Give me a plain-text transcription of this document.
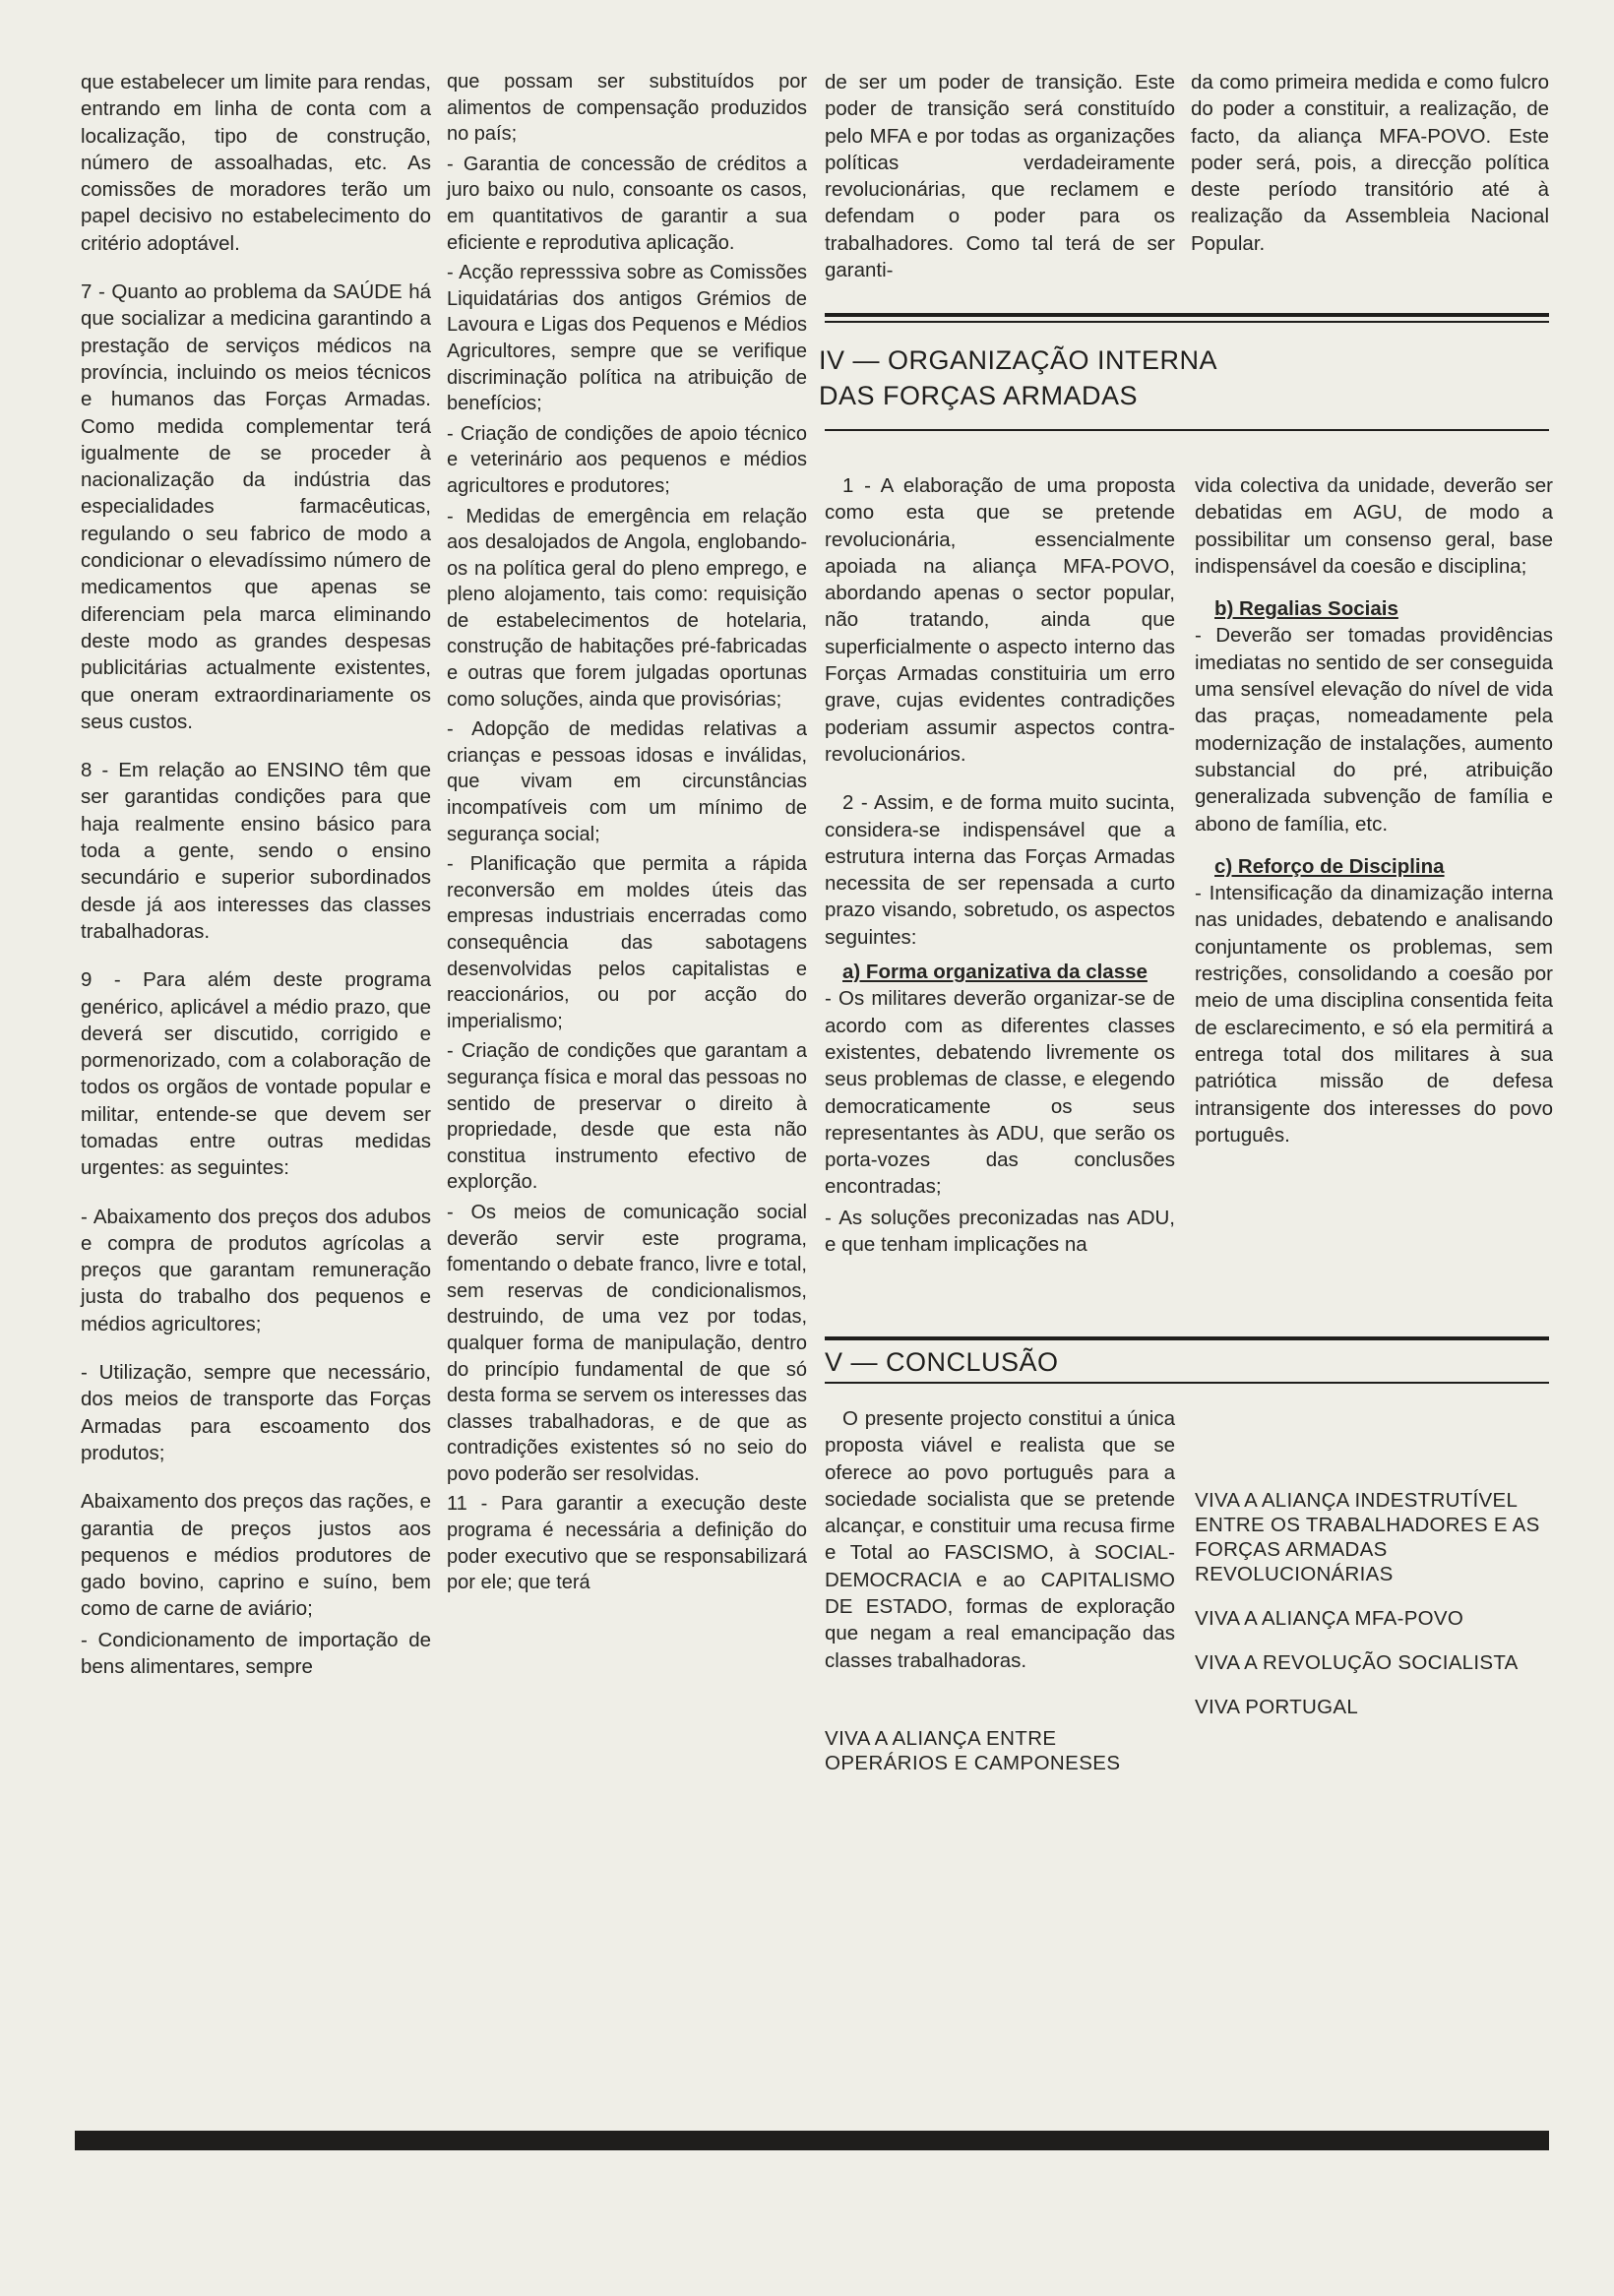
que estabelecer um limite para rendas, entrando em linha de conta com a localização, tipo de construção, número de assoalhadas, etc. As comissões de moradores terão um papel decisivo no estabelecimento do critério adoptável.

7 - Quanto ao problema da SAÚDE há que socializar a medicina garantindo a prestação de serviços médicos na província, incluindo os meios técnicos e humanos das Forças Armadas. Como medida complementar terá igualmente de se proceder à nacionalização da indústria das especialidades farmacêuticas, regulando o seu fabrico de modo a condicionar o elevadíssimo número de medicamentos que apenas se diferenciam pela marca eliminando deste modo as grandes despesas publicitárias actualmente existentes, que oneram extraordinariamente os seus custos.

8 - Em relação ao ENSINO têm que ser garantidas condições para que haja realmente ensino básico para toda a gente, sendo o ensino secundário e superior subordinados desde já aos interesses das classes trabalhadoras.

9 - Para além deste programa genérico, aplicável a médio prazo, que deverá ser discutido, corrigido e pormenorizado, com a colaboração de todos os orgãos de vontade popular e militar, entende-se que devem ser tomadas entre outras medidas urgentes: as seguintes:

- Abaixamento dos preços dos adubos e compra de produtos agrícolas a preços que garantam remuneração justa do trabalho dos pequenos e médios agricultores;

- Utilização, sempre que necessário, dos meios de transporte das Forças Armadas para escoamento dos produtos;

Abaixamento dos preços das rações, e garantia de preços justos aos pequenos e médios produtores de gado bovino, caprino e suíno, bem como de carne de aviário;

- Condicionamento de importação de bens alimentares, sempre

que possam ser substituídos por alimentos de compensação produzidos no país;

- Garantia de concessão de créditos a juro baixo ou nulo, consoante os casos, em quantitativos de garantir a sua eficiente e reprodutiva aplicação.

- Acção represssiva sobre as Comissões Liquidatárias dos antigos Grémios de Lavoura e Ligas dos Pequenos e Médios Agricultores, sempre que se verifique discriminação política na atribuição de benefícios;

- Criação de condições de apoio técnico e veterinário aos pequenos e médios agricultores e produtores;

- Medidas de emergência em relação aos desalojados de Angola, englobando-os na política geral do pleno emprego, e pleno alojamento, tais como: requisição de estabelecimentos de hotelaria, construção de habitações pré-fabricadas e outras que forem julgadas oportunas como soluções, ainda que provisórias;

- Adopção de medidas relativas a crianças e pessoas idosas e inválidas, que vivam em circunstâncias incompatíveis com um mínimo de segurança social;

- Planificação que permita a rápida reconversão em moldes úteis das empresas industriais encerradas como consequência das sabotagens desenvolvidas pelos capitalistas e reaccionários, ou por acção do imperialismo;

- Criação de condições que garantam a segurança física e moral das pessoas no sentido de preservar o direito à propriedade, desde que esta não constitua instrumento efectivo de explorção.

- Os meios de comunicação social deverão servir este programa, fomentando o debate franco, livre e total, sem reservas de condicionalismos, destruindo, de uma vez por todas, qualquer forma de manipulação, dentro do princípio fundamental de que só desta forma se servem os interesses das classes trabalhadoras, e de que as contradições existentes só no seio do povo poderão ser resolvidas.

11 - Para garantir a execução deste programa é necessária a definição do poder executivo que se responsabilizará por ele; que terá

de ser um poder de transição. Este poder de transição será constituído pelo MFA e por todas as organizações políticas verdadeiramente revolucionárias, que reclamem e defendam o poder para os trabalhadores. Como tal terá de ser garanti-

da como primeira medida e como fulcro do poder a constituir, a realização, de facto, da aliança MFA-POVO. Este poder será, pois, a direcção política deste período transitório até à realização da Assembleia Nacional Popular.

IV — ORGANIZAÇÃO INTERNA
DAS FORÇAS ARMADAS

1 - A elaboração de uma proposta como esta que se pretende revolucionária, essencialmente apoiada na aliança MFA-POVO, abordando apenas o sector popular, não tratando, ainda que superficialmente o aspecto interno das Forças Armadas constituiria um erro grave, cujas evidentes contradições poderiam assumir aspectos contra-revolucionários.

2 - Assim, e de forma muito sucinta, considera-se indispensável que a estrutura interna das Forças Armadas necessita de ser repensada a curto prazo visando, sobretudo, os aspectos seguintes:

a) Forma organizativa da classe

- Os militares deverão organizar-se de acordo com as diferentes classes existentes, debatendo livremente os seus problemas de classe, e elegendo democraticamente os seus representantes às ADU, que serão os porta-vozes das conclusões encontradas;

- As soluções preconizadas nas ADU, e que tenham implicações na

vida colectiva da unidade, deverão ser debatidas em AGU, de modo a possibilitar um consenso geral, base indispensável da coesão e disciplina;

b) Regalias Sociais

- Deverão ser tomadas providências imediatas no sentido de ser conseguida uma sensível elevação do nível de vida das praças, nomeadamente pela modernização de instalações, aumento substancial do pré, atribuição generalizada subvenção de família e abono de família, etc.

c) Reforço de Disciplina

- Intensificação da dinamização interna nas unidades, debatendo e analisando conjuntamente os problemas, sem restrições, consolidando a coesão por meio de uma disciplina consentida feita de esclarecimento, e só ela permitirá a entrega total dos militares à sua patriótica missão de defesa intransigente dos interesses do povo português.

V — CONCLUSÃO

O presente projecto constitui a única proposta viável e realista que se oferece ao povo português para a sociedade socialista que se pretende alcançar, e constituir uma recusa firme e Total ao FASCISMO, à SOCIAL-DEMOCRACIA e ao CAPITALISMO DE ESTADO, formas de exploração que negam a real emancipação das classes trabalhadoras.

VIVA A ALIANÇA ENTRE OPERÁRIOS E CAMPONESES
VIVA A ALIANÇA INDESTRUTÍVEL ENTRE OS TRABALHADORES E AS FORÇAS ARMADAS REVOLUCIONÁRIAS
VIVA A ALIANÇA MFA-POVO
VIVA A REVOLUÇÃO SOCIALISTA
VIVA PORTUGAL
